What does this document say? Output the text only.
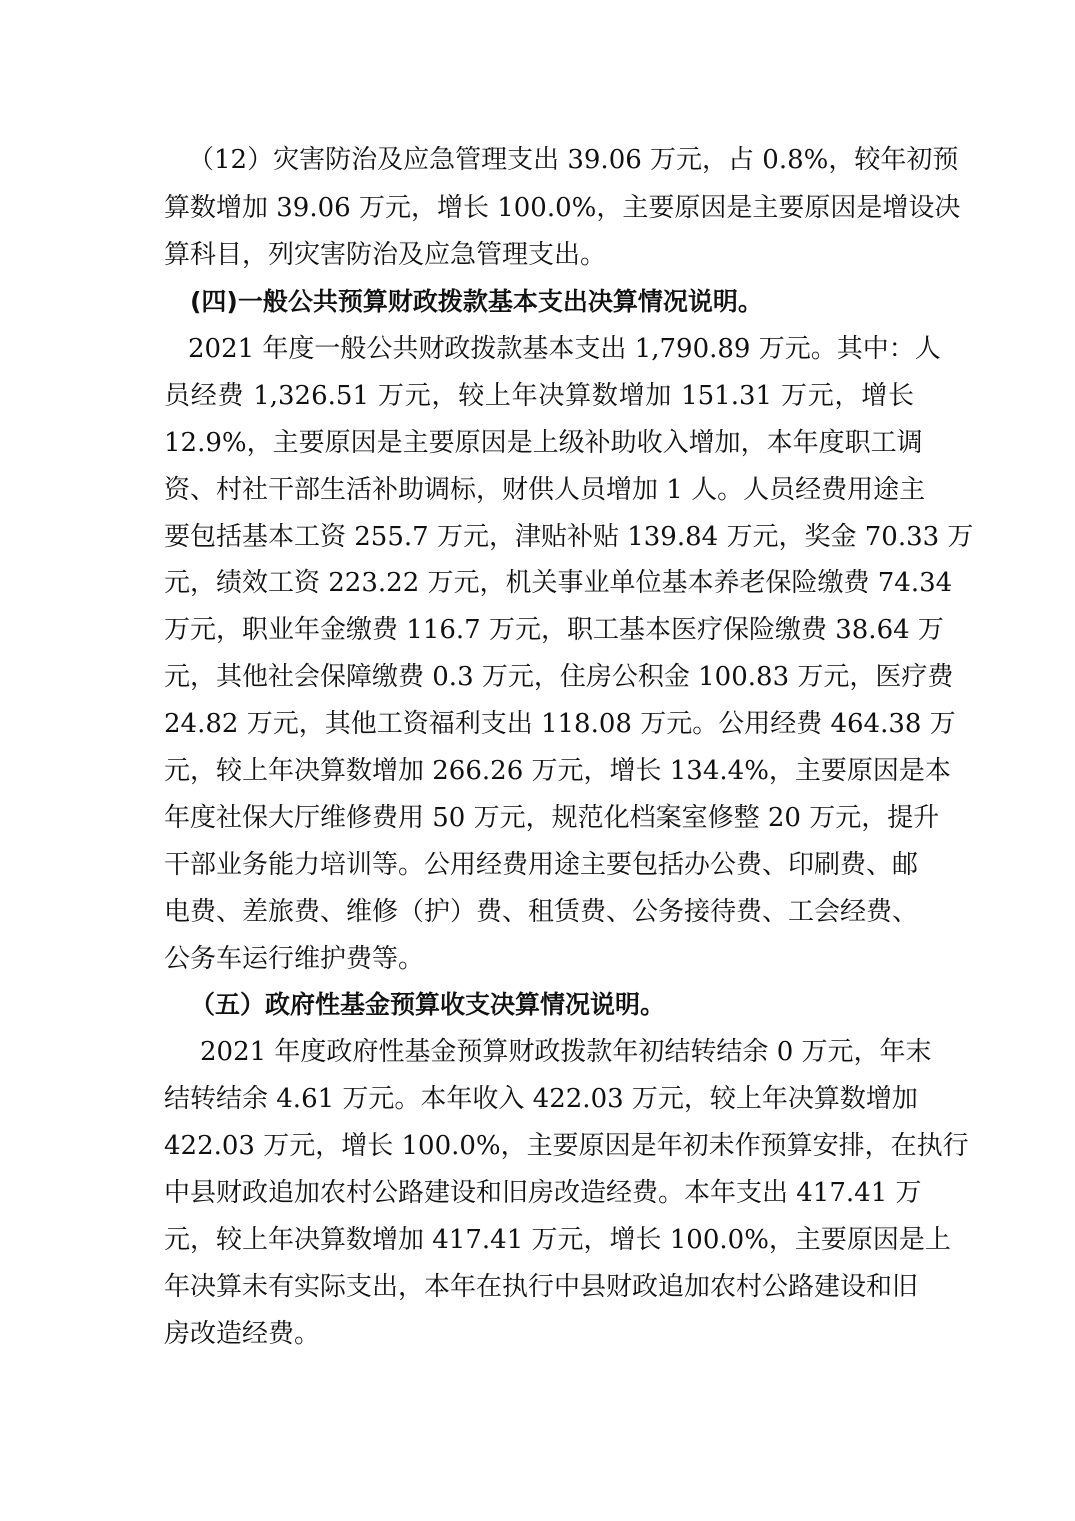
（12）灾害防治及应急管理支出 39.06 万元，占 0.8%，较年初预
算数增加 39.06 万元，增长 100.0%，主要原因是主要原因是增设决
算科目，列灾害防治及应急管理支出。
(四)一般公共预算财政拨款基本支出决算情况说明。
2021 年度一般公共财政拨款基本支出 1,790.89 万元。其中：人
员经费 1,326.51 万元，较上年决算数增加 151.31 万元，增长
12.9%，主要原因是主要原因是上级补助收入增加，本年度职工调
资、村社干部生活补助调标，财供人员增加 1 人。人员经费用途主
要包括基本工资 255.7 万元，津贴补贴 139.84 万元，奖金 70.33 万
元，绩效工资 223.22 万元，机关事业单位基本养老保险缴费 74.34
万元，职业年金缴费 116.7 万元，职工基本医疗保险缴费 38.64 万
元，其他社会保障缴费 0.3 万元，住房公积金 100.83 万元，医疗费
24.82 万元，其他工资福利支出 118.08 万元。公用经费 464.38 万
元，较上年决算数增加 266.26 万元，增长 134.4%，主要原因是本
年度社保大厅维修费用 50 万元，规范化档案室修整 20 万元，提升
干部业务能力培训等。公用经费用途主要包括办公费、印刷费、邮
电费、差旅费、维修（护）费、租赁费、公务接待费、工会经费、
公务车运行维护费等。
（五）政府性基金预算收支决算情况说明。
2021 年度政府性基金预算财政拨款年初结转结余 0 万元，年末
结转结余 4.61 万元。本年收入 422.03 万元，较上年决算数增加
422.03 万元，增长 100.0%，主要原因是年初未作预算安排，在执行
中县财政追加农村公路建设和旧房改造经费。本年支出 417.41 万
元，较上年决算数增加 417.41 万元，增长 100.0%，主要原因是上
年决算未有实际支出，本年在执行中县财政追加农村公路建设和旧
房改造经费。
